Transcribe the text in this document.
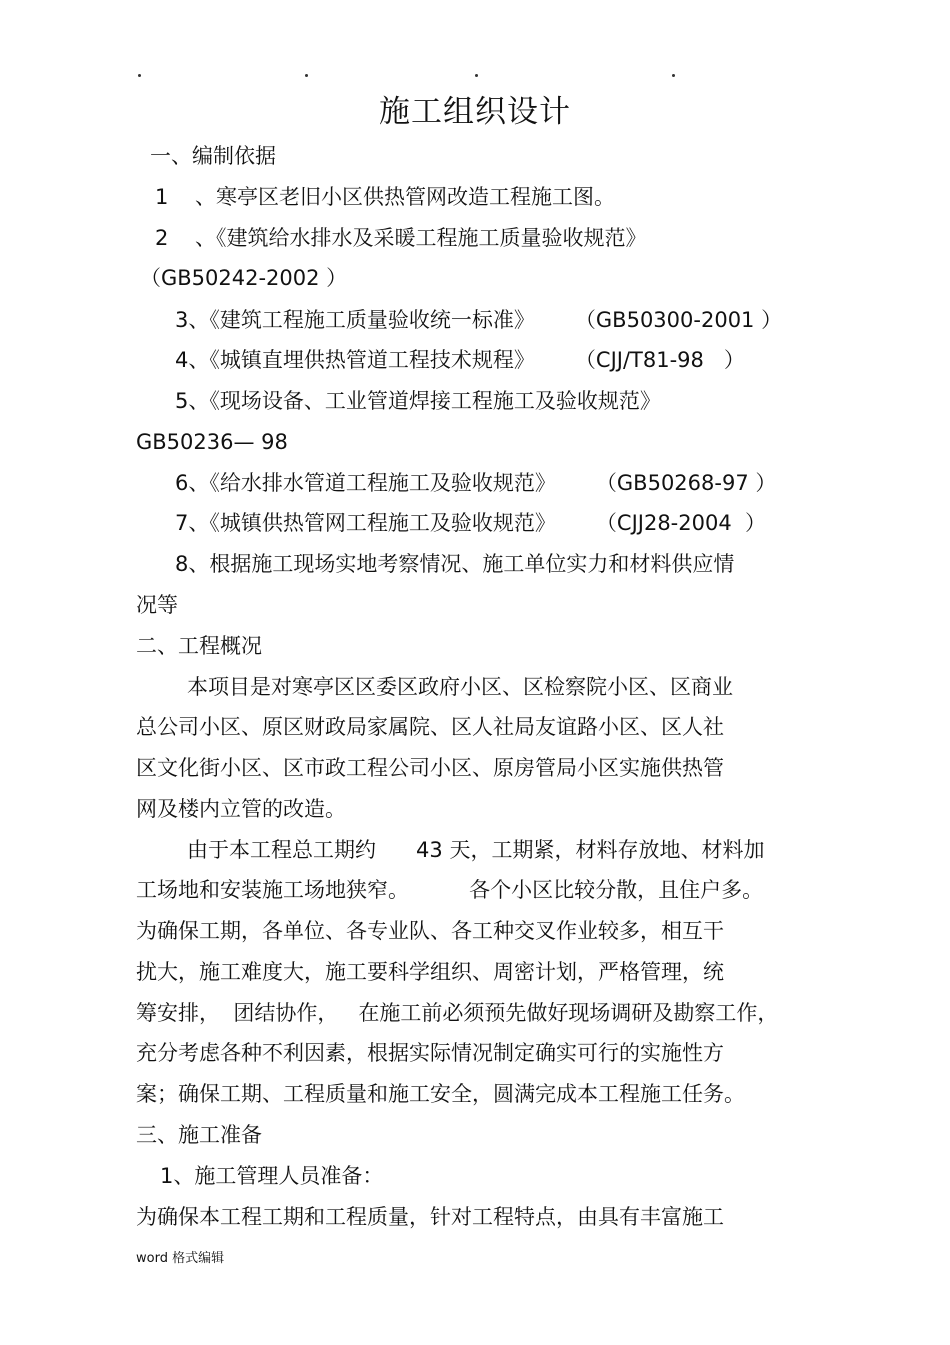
施工组织设计
一、编制依据
1    、寒亭区老旧小区供热管网改造工程施工图。
2    、《建筑给水排水及采暖工程施工质量验收规范》
（GB50242-2002 ）
3、《建筑工程施工质量验收统一标准》      （GB50300-2001 ）
4、《城镇直埋供热管道工程技术规程》      （CJJ/T81-98   ）
5、《现场设备、工业管道焊接工程施工及验收规范》
GB50236— 98
6、《给水排水管道工程施工及验收规范》      （GB50268-97 ）
7、《城镇供热管网工程施工及验收规范》      （CJJ28-2004  ）
8、根据施工现场实地考察情况、施工单位实力和材料供应情
况等
二、工程概况
本项目是对寒亭区区委区政府小区、区检察院小区、区商业
总公司小区、原区财政局家属院、区人社局友谊路小区、区人社
区文化街小区、区市政工程公司小区、原房管局小区实施供热管
网及楼内立管的改造。
由于本工程总工期约      43 天，工期紧，材料存放地、材料加
工场地和安装施工场地狭窄。         各个小区比较分散，且住户多。
为确保工期，各单位、各专业队、各工种交叉作业较多，相互干
扰大，施工难度大，施工要科学组织、周密计划，严格管理，统
筹安排，  团结协作，   在施工前必须预先做好现场调研及勘察工作，
充分考虑各种不利因素，根据实际情况制定确实可行的实施性方
案；确保工期、工程质量和施工安全，圆满完成本工程施工任务。
三、施工准备
1、施工管理人员准备：
为确保本工程工期和工程质量，针对工程特点，由具有丰富施工
word 格式编辑
